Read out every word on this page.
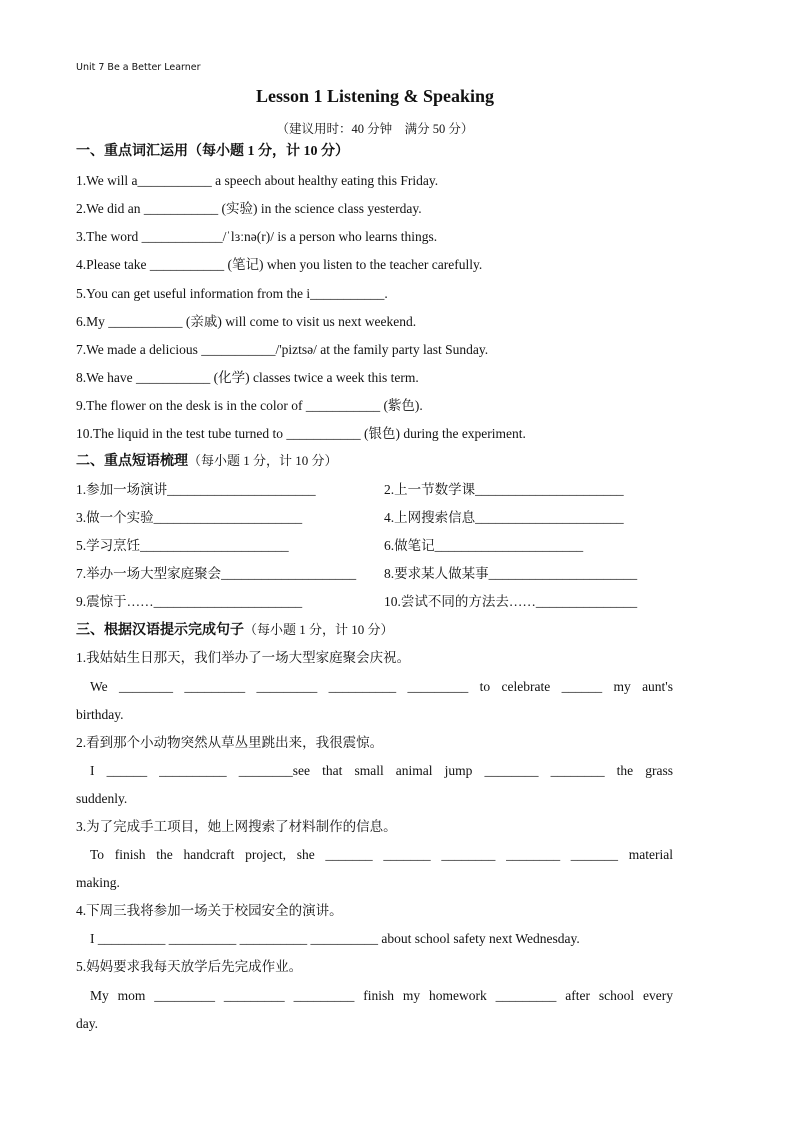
Unit 7 Be a Better Learner
Lesson 1 Listening & Speaking
（建议用时：40 分钟　满分 50 分）
一、重点词汇运用（每小题 1 分，计 10 分）
1.We will a___________ a speech about healthy eating this Friday.
2.We did an ___________ (实验) in the science class yesterday.
3.The word ____________/ˈlɜːnə(r)/ is a person who learns things.
4.Please take ___________ (笔记) when you listen to the teacher carefully.
5.You can get useful information from the i___________.
6.My ___________ (亲戚) will come to visit us next weekend.
7.We made a delicious ___________/'piztsə/ at the family party last Sunday.
8.We have ___________ (化学) classes twice a week this term.
9.The flower on the desk is in the color of ___________ (紫色).
10.The liquid in the test tube turned to ___________ (银色) during the experiment.
二、重点短语梳理（每小题 1 分，计 10 分）
1.参加一场演讲______________________	2.上一节数学课______________________
3.做一个实验______________________	4.上网搜索信息______________________
5.学习烹饪______________________	6.做笔记______________________
7.举办一场大型家庭聚会____________________ 8.要求某人做某事______________________
9.震惊于……______________________	10.尝试不同的方法去……_______________
三、根据汉语提示完成句子（每小题 1 分，计 10 分）
1.我姑姑生日那天，我们举办了一场大型家庭聚会庆祝。
We ________ _________ _________ __________ _________ to celebrate ______ my aunt's
birthday.
2.看到那个小动物突然从草丛里跳出来，我很震惊。
I ______ __________ ________see that small animal jump ________ ________ the grass
suddenly.
3.为了完成手工项目，她上网搜索了材料制作的信息。
To finish the handcraft project, she _______ _______ ________ ________ _______ material
making.
4.下周三我将参加一场关于校园安全的演讲。
I __________ __________ __________ __________ about school safety next Wednesday.
5.妈妈要求我每天放学后先完成作业。
My mom _________ _________ _________ finish my homework _________ after school every
day.
